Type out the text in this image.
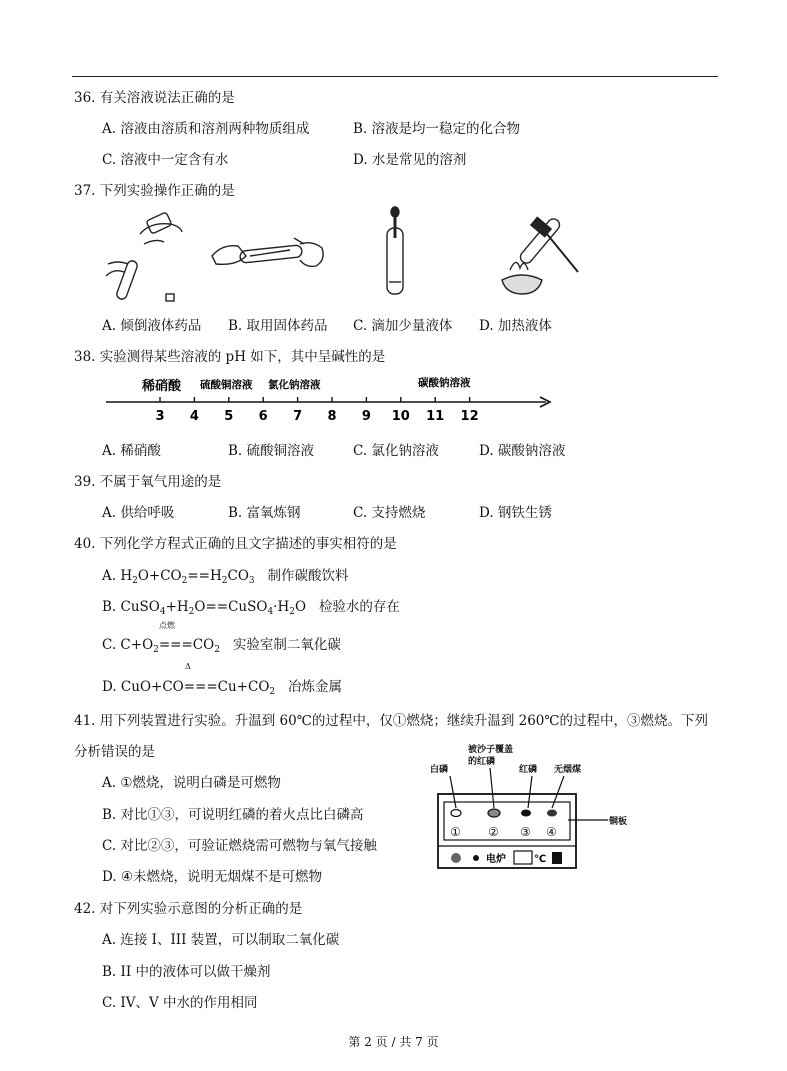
36. 有关溶液说法正确的是
A. 溶液由溶质和溶剂两种物质组成	B. 溶液是均一稳定的化合物
C. 溶液中一定含有水	D. 水是常见的溶剂
37. 下列实验操作正确的是
A. 倾倒液体药品 B. 取用固体药品 C. 滴加少量液体 D. 加热液体
38. 实验测得某些溶液的 pH 如下，其中呈碱性的是
稀硝酸 硫酸铜溶液 氯化钠溶液	碳酸钠溶液
3 4 5 6 7 8 9 10 11 12
A. 稀硝酸	B. 硫酸铜溶液	C. 氯化钠溶液	D. 碳酸钠溶液
39. 不属于氧气用途的是
A. 供给呼吸	B. 富氧炼钢	C. 支持燃烧	D. 钢铁生锈
40. 下列化学方程式正确的且文字描述的事实相符的是
A. $H_2O+CO_2==H_2CO_3$ 制作碳酸饮料
B. $CuSO_4+H_2O==CuSO_4\cdot H_2O$   检验水的存在
点燃
C. $C+O_2===CO_2$ 实验室制二氧化碳
Δ
D. $CuO+CO===Cu+CO_2$ 冶炼金属
41. 用下列装置进行实验。升温到 60℃的过程中，仅①燃烧；继续升温到 260℃的过程中，③燃烧。下列
分析错误的是
A. ①燃烧，说明白磷是可燃物
B. 对比①③，可说明红磷的着火点比白磷高
C. 对比②③，可验证燃烧需可燃物与氧气接触
D. ④未燃烧，说明无烟煤不是可燃物
被沙子覆盖
的红磷
白磷	红磷 无烟煤
铜板
① ② ③ ④
电炉	℃
42. 对下列实验示意图的分析正确的是
A. 连接 I、III 装置，可以制取二氧化碳
B. II 中的液体可以做干燥剂
C. IV、V 中水的作用相同
第 2 页 / 共 7 页
